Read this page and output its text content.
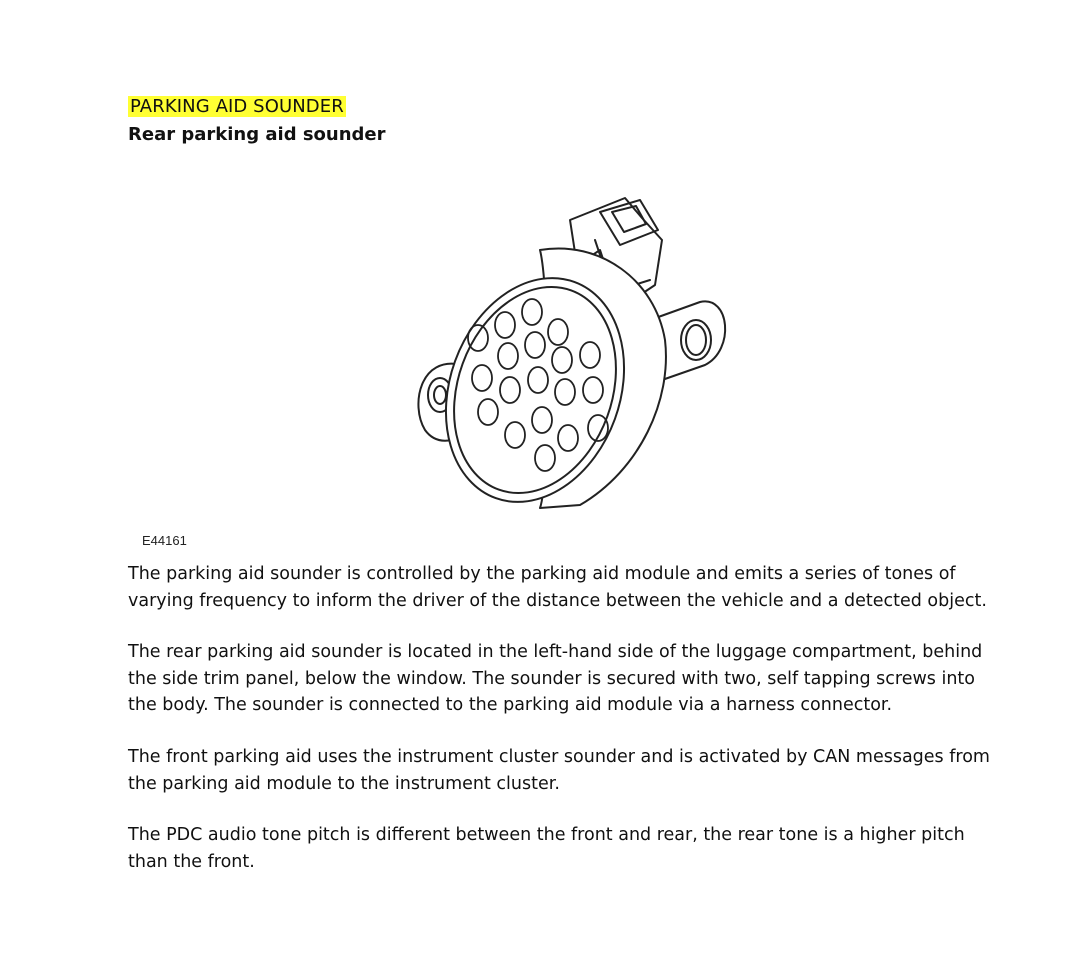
PARKING AID SOUNDER
Rear parking aid sounder
E44161

The parking aid sounder is controlled by the parking aid module and emits a series of tones of varying frequency to inform the driver of the distance between the vehicle and a detected object.

The rear parking aid sounder is located in the left-hand side of the luggage compartment, behind the side trim panel, below the window. The sounder is secured with two, self tapping screws into the body. The sounder is connected to the parking aid module via a harness connector.

The front parking aid uses the instrument cluster sounder and is activated by CAN messages from the parking aid module to the instrument cluster.

The PDC audio tone pitch is different between the front and rear, the rear tone is a higher pitch than the front.
